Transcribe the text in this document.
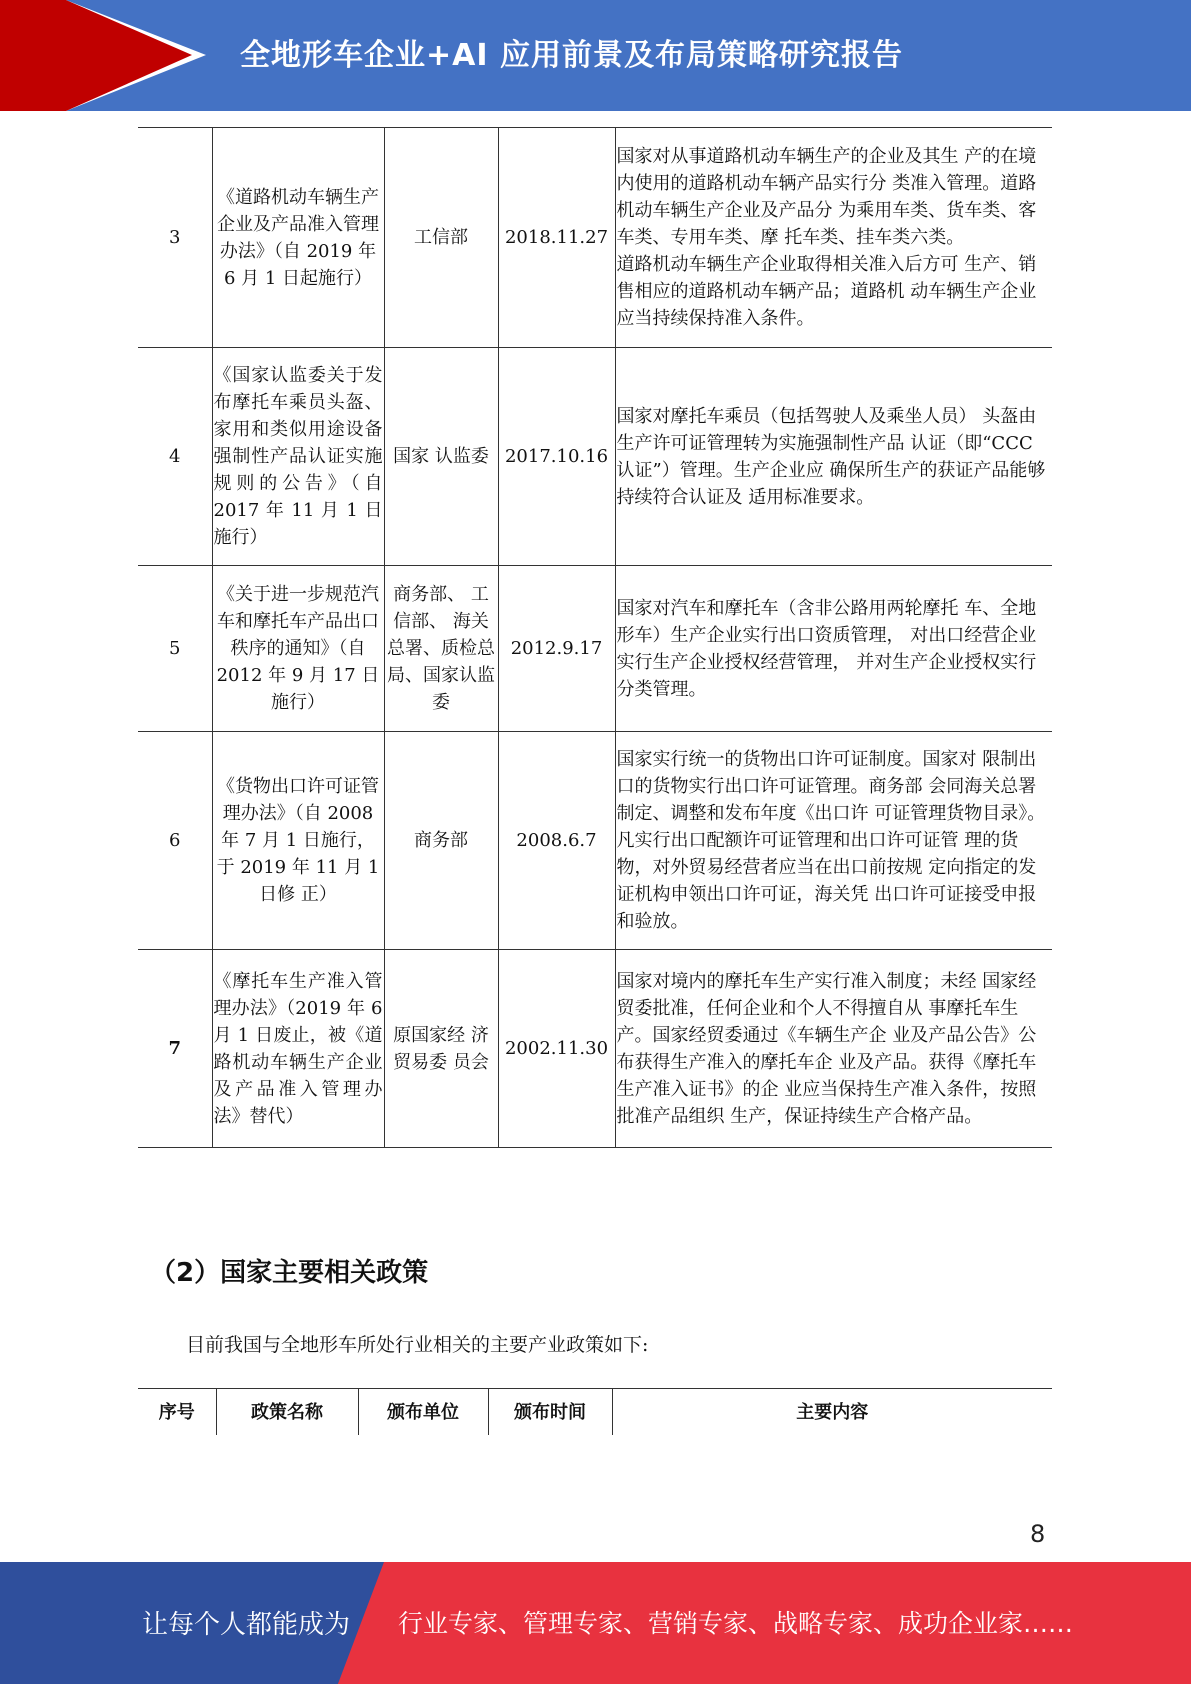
全地形车企业+AI 应用前景及布局策略研究报告
3	《道路机动车辆生产企业及产品准入管理办法》（自 2019 年 6 月 1 日起施行）	工信部	2018.11.27	国家对从事道路机动车辆生产的企业及其生 产的在境内使用的道路机动车辆产品实行分 类准入管理。道路机动车辆生产企业及产品分 为乘用车类、货车类、客车类、专用车类、摩 托车类、挂车类六类。
道路机动车辆生产企业取得相关准入后方可 生产、销售相应的道路机动车辆产品；道路机 动车辆生产企业应当持续保持准入条件。
4	《国家认监委关于发布摩托车乘员头盔、家用和类似用途设备强制性产品认证实施规则的公告》（自 2017 年 11 月 1 日施行）	国家 认监委	2017.10.16	国家对摩托车乘员（包括驾驶人及乘坐人员） 头盔由生产许可证管理转为实施强制性产品 认证（即“CCC 认证”）管理。生产企业应 确保所生产的获证产品能够持续符合认证及 适用标准要求。
5	《关于进一步规范汽车和摩托车产品出口秩序的通知》（自 2012 年 9 月 17 日施行）	商务部、 工信部、 海关总署、质检总局、国家认监委	2012.9.17	国家对汽车和摩托车（含非公路用两轮摩托 车、全地形车）生产企业实行出口资质管理， 对出口经营企业实行生产企业授权经营管理， 并对生产企业授权实行分类管理。
6	《货物出口许可证管理办法》（自 2008 年 7 月 1 日施行，于 2019 年 11 月 1 日修 正）	商务部	2008.6.7	国家实行统一的货物出口许可证制度。国家对 限制出口的货物实行出口许可证管理。商务部 会同海关总署制定、调整和发布年度《出口许 可证管理货物目录》。
凡实行出口配额许可证管理和出口许可证管 理的货物，对外贸易经营者应当在出口前按规 定向指定的发证机构申领出口许可证，海关凭 出口许可证接受申报和验放。
7	《摩托车生产准入管理办法》（2019 年 6 月 1 日废止，被《道路机动车辆生产企业及产品准入管理办法》替代）	原国家经 济贸易委 员会	2002.11.30	国家对境内的摩托车生产实行准入制度；未经 国家经贸委批准，任何企业和个人不得擅自从 事摩托车生产。国家经贸委通过《车辆生产企 业及产品公告》公布获得生产准入的摩托车企 业及产品。获得《摩托车生产准入证书》的企 业应当保持生产准入条件，按照批准产品组织 生产，保证持续生产合格产品。
（2）国家主要相关政策
目前我国与全地形车所处行业相关的主要产业政策如下:
序号	政策名称	颁布单位	颁布时间	主要内容
8
让每个人都能成为 行业专家、管理专家、营销专家、战略专家、成功企业家……
